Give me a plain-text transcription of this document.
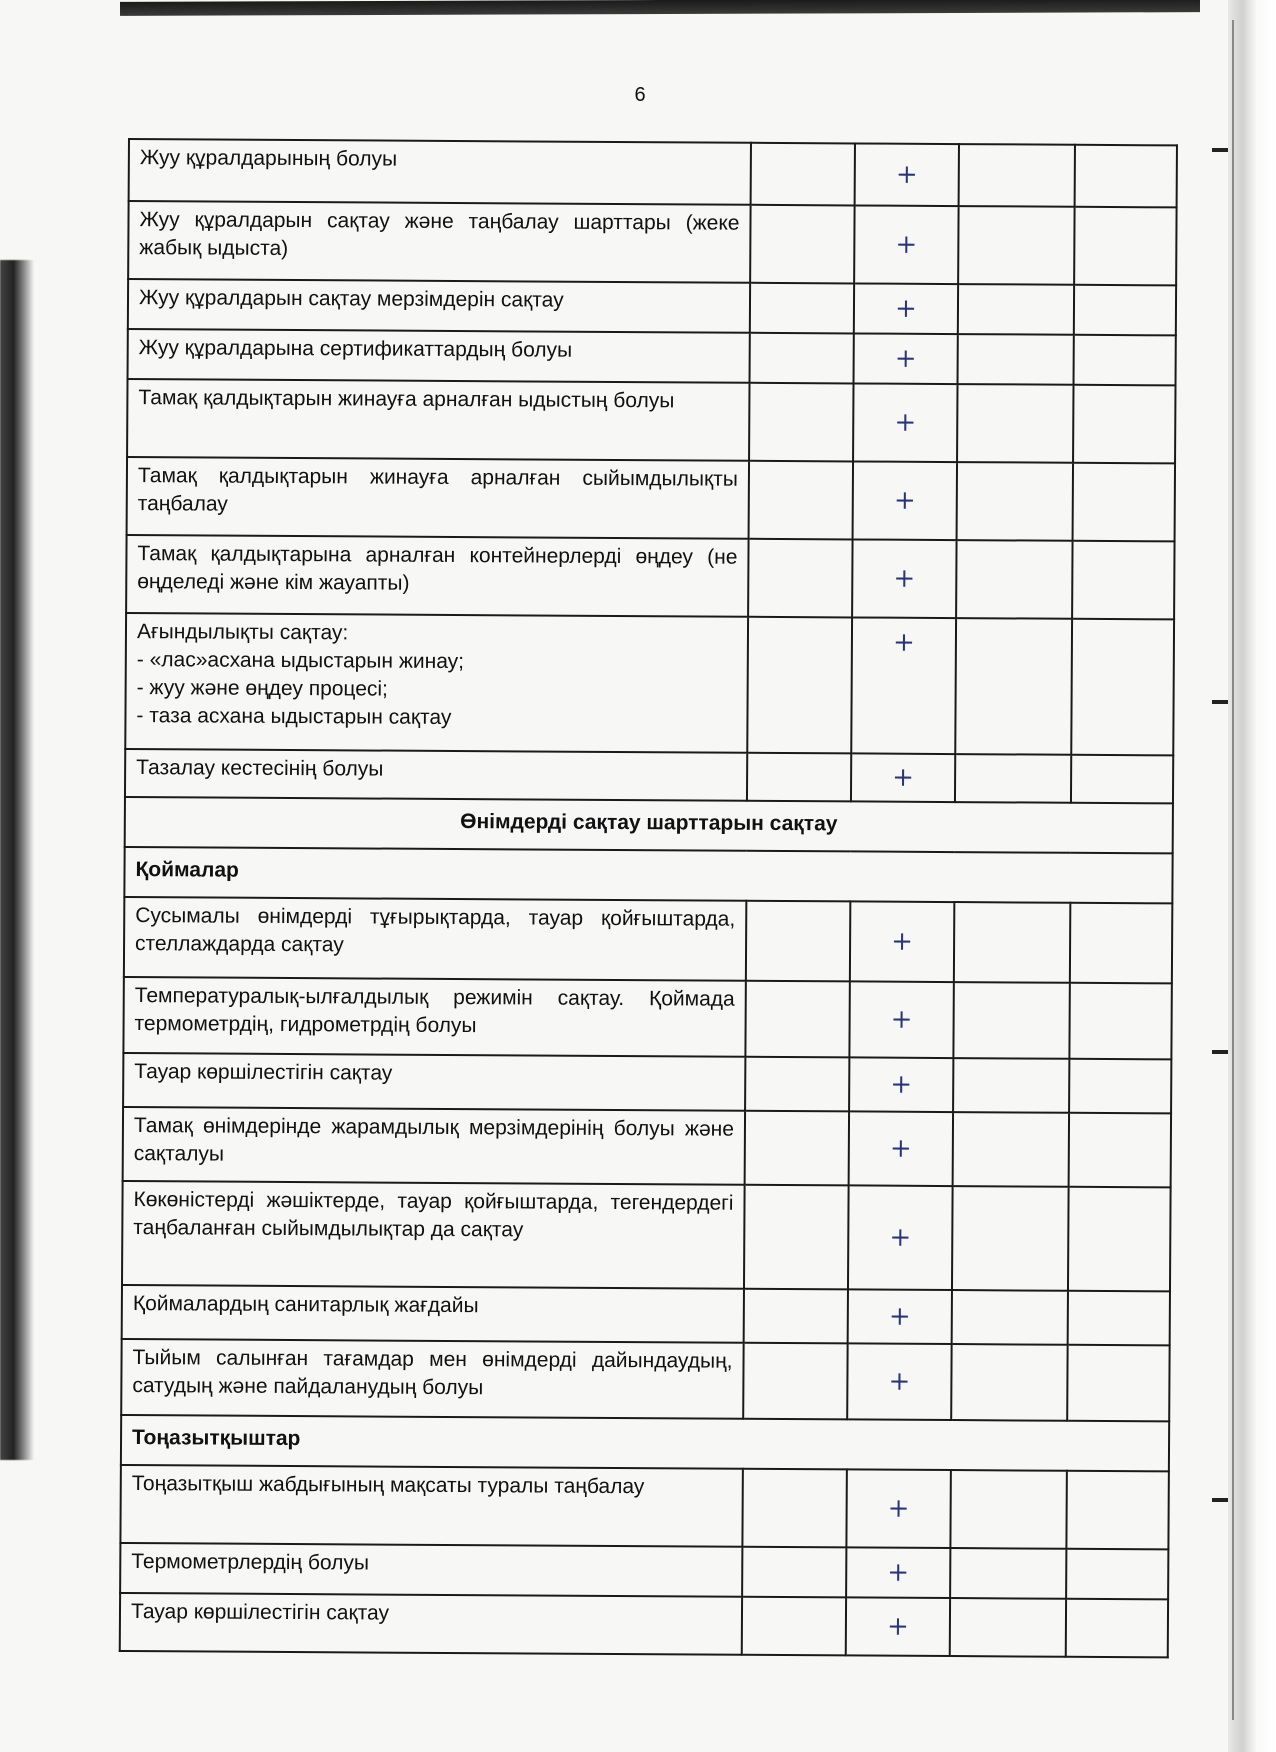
6
Жуу құралдарының болуы		+		
Жуу құралдарын сақтау және таңбалау шарттары (жеке жабық ыдыста)		+		
Жуу құралдарын сақтау мерзімдерін сақтау		+		
Жуу құралдарына сертификаттардың болуы		+		
Тамақ қалдықтарын жинауға арналған ыдыстың болуы		+		
Тамақ қалдықтарын жинауға арналған сыйымдылықты таңбалау		+		
Тамақ қалдықтарына арналған контейнерлерді өңдеу (не өңделеді және кім жауапты)		+		

Ағындылықты сақтау:
- «лас»асхана ыдыстарын жинау;
- жуу және өңдеу процесі;
- таза асхана ыдыстарын сақтау		+		
Тазалау кестесінің болуы		+		
Өнімдерді сақтау шарттарын сақтау				
Қоймалар				
Сусымалы өнімдерді тұғырықтарда, тауар қойғыштарда, стеллаждарда сақтау		+		
Температуралық-ылғалдылық режимін сақтау. Қоймада термометрдің, гидрометрдің болуы		+		
Тауар көршілестігін сақтау		+		
Тамақ өнімдерінде жарамдылық мерзімдерінің болуы және сақталуы		+		
Көкөністерді жәшіктерде, тауар қойғыштарда, тегендердегі таңбаланған сыйымдылықтар да сақтау		+		
Қоймалардың санитарлық жағдайы		+		
Тыйым салынған тағамдар мен өнімдерді дайындаудың, сатудың және пайдаланудың болуы		+		
Тоңазытқыштар				
Тоңазытқыш жабдығының мақсаты туралы таңбалау		+		
Термометрлердің болуы		+		
Тауар көршілестігін сақтау		+		
